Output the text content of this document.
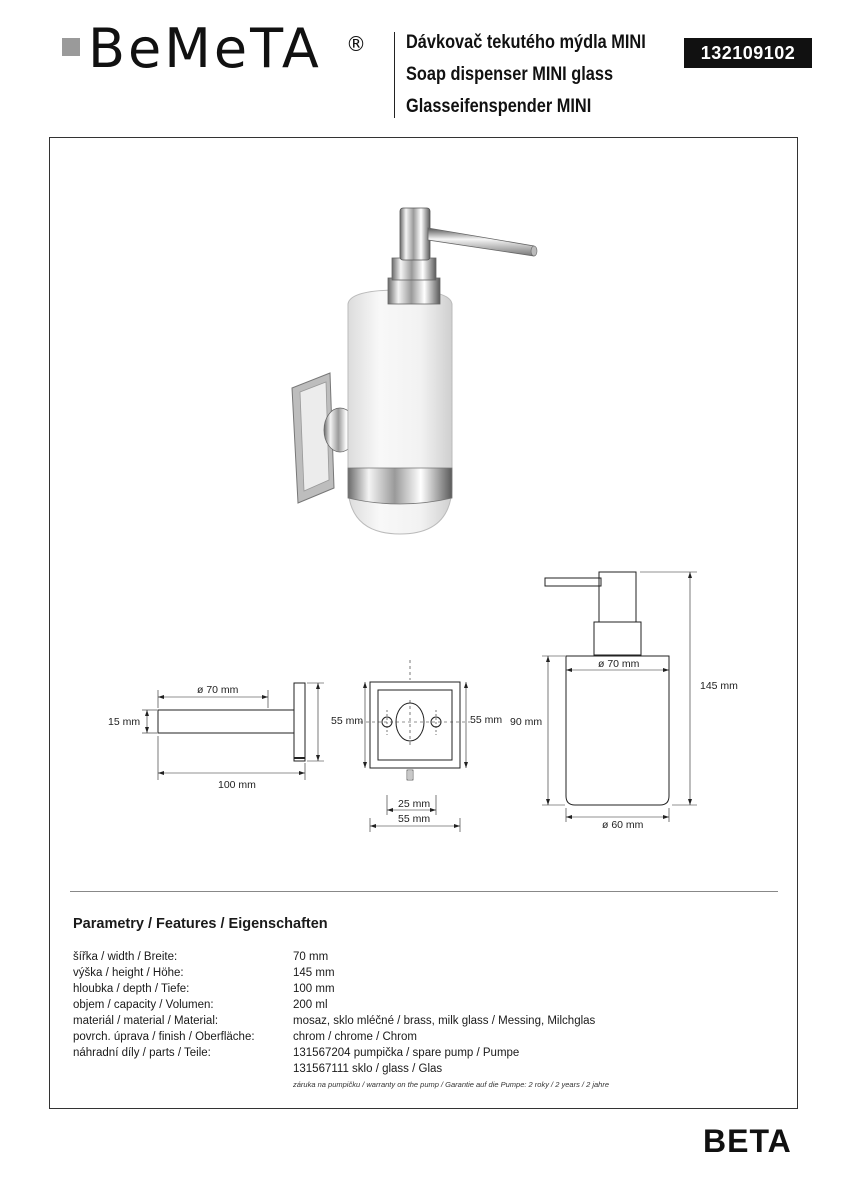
BeMeTA ® Dávkovač tekutého mýdla MINI
Soap dispenser MINI glass
Glasseifenspender MINI
132109102
ø 70 mm
15 mm	55 mm
100 mm
55 mm
25 mm
55 mm
ø 70 mm
145 mm
90 mm
ø 60 mm
Parametry / Features / Eigenschaften
šířka / width / Breite:	70 mm
výška / height / Höhe:	145 mm
hloubka / depth / Tiefe:	100 mm
objem / capacity / Volumen:	200 ml
materiál / material / Material:	mosaz, sklo mléčné / brass, milk glass / Messing, Milchglas
povrch. úprava / finish / Oberfläche:	chrom / chrome / Chrom
náhradní díly / parts / Teile:	131567204 pumpička / spare pump / Pumpe
131567111 sklo / glass / Glas
záruka na pumpičku / warranty on the pump / Garantie auf die Pumpe: 2 roky / 2 years / 2 jahre
BETA
